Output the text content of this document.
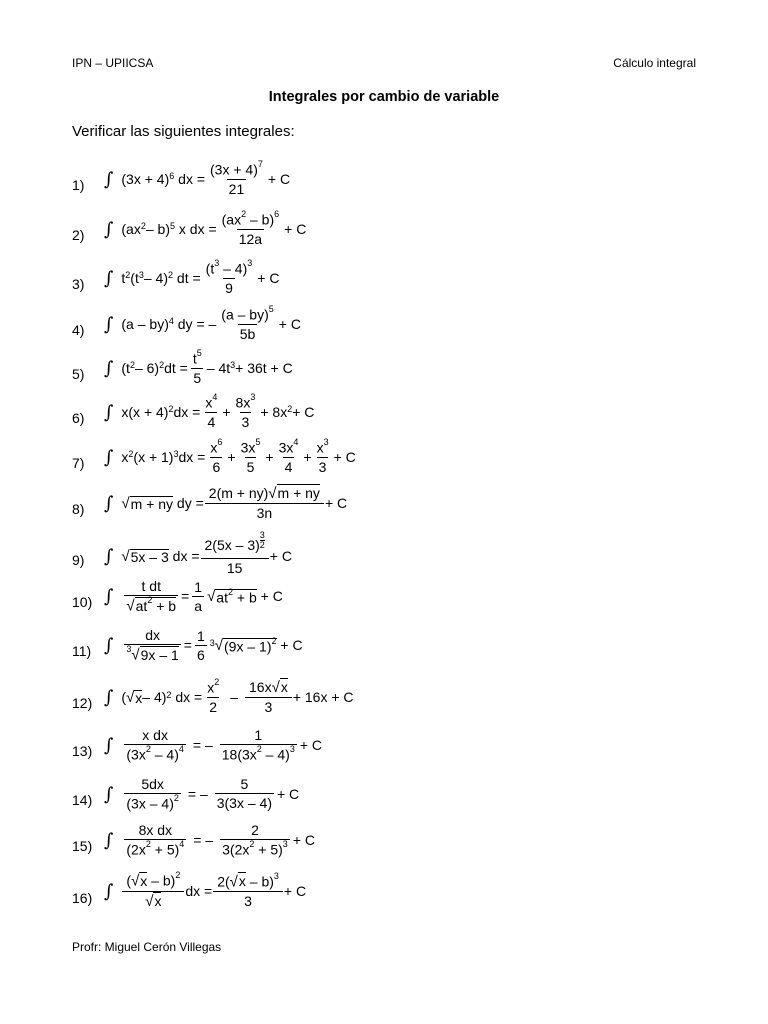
IPN – UPIICSA	Cálculo integral
Integrales por cambio de variable
Verificar las siguientes integrales:
1)	∫ $(3x + 4)^6$
dx = $\frac{(3x + 4)^7}{21} + C$
2)	∫ $(ax^2 - b)^5$
x dx = $\frac{(ax^2 - b)^6}{12a} + C$
3)	∫ $t^2$ $(t^3 - 4)^2$
dt = $\frac{(t^3 - 4)^3}{9} + C$
4)	∫ (a – by)$^4$
dy = – $\frac{(a - by)^5}{5b} + C$
5)	∫ $(t^2 - 6)^2$ dt = $\frac{t^5}{5} - 4t^3 + 36t + C$
6)	∫ $x(x + 4)^2$ dx = $\frac{x^4}{4} + \frac{8x^3}{3} + 8x^2 + C$
7)	∫ $x^2$ $(x + 1)^3$ dx = $\frac{x^6}{6} + \frac{3x^5}{5} + \frac{3x^4}{4} + \frac{x^3}{3} + C$
8)	∫ √ m + ny
dy = $\frac{2(m + ny)√m + ny}{3n} + C$
9)	∫ √ 5x – 3
dx = $\frac{2(5x - 3) \frac{3}{2}}{15} + C$
10) ∫ $\frac{\text{t dt}}{√at^2 + b} = \frac{1}{a}$ √ $at^2 + b$
+ C
11) ∫ $\frac{dx}{^3√9x - 1} = \frac{1}{6} ^3$ √ (9x – 1)$^2$
+ C
12) ∫ ( √ x – 4)$^2$
dx = $\frac{x^2}{2} - \frac{16x√x}{3} + 16x + C$
13) ∫ $\frac{\text{x dx}}{(3x^2 - 4)^4}$ = – $\frac{1}{18(3x^2 - 4)^3} + C$
14) ∫ $\frac{5dx}{(3x - 4)^2}$ = – $\frac{5}{3(3x - 4)} + C$
15) ∫ $\frac{\text{8x dx}}{(2x^2 + 5)^4}$ = – $\frac{2}{3(2x^2 + 5)^3} + C$
16) ∫ $\frac{(√x - b)^2}{√x}$ dx = $\frac{2(√x - b)^3}{3} + C$
Profr: Miguel Cerón Villegas
